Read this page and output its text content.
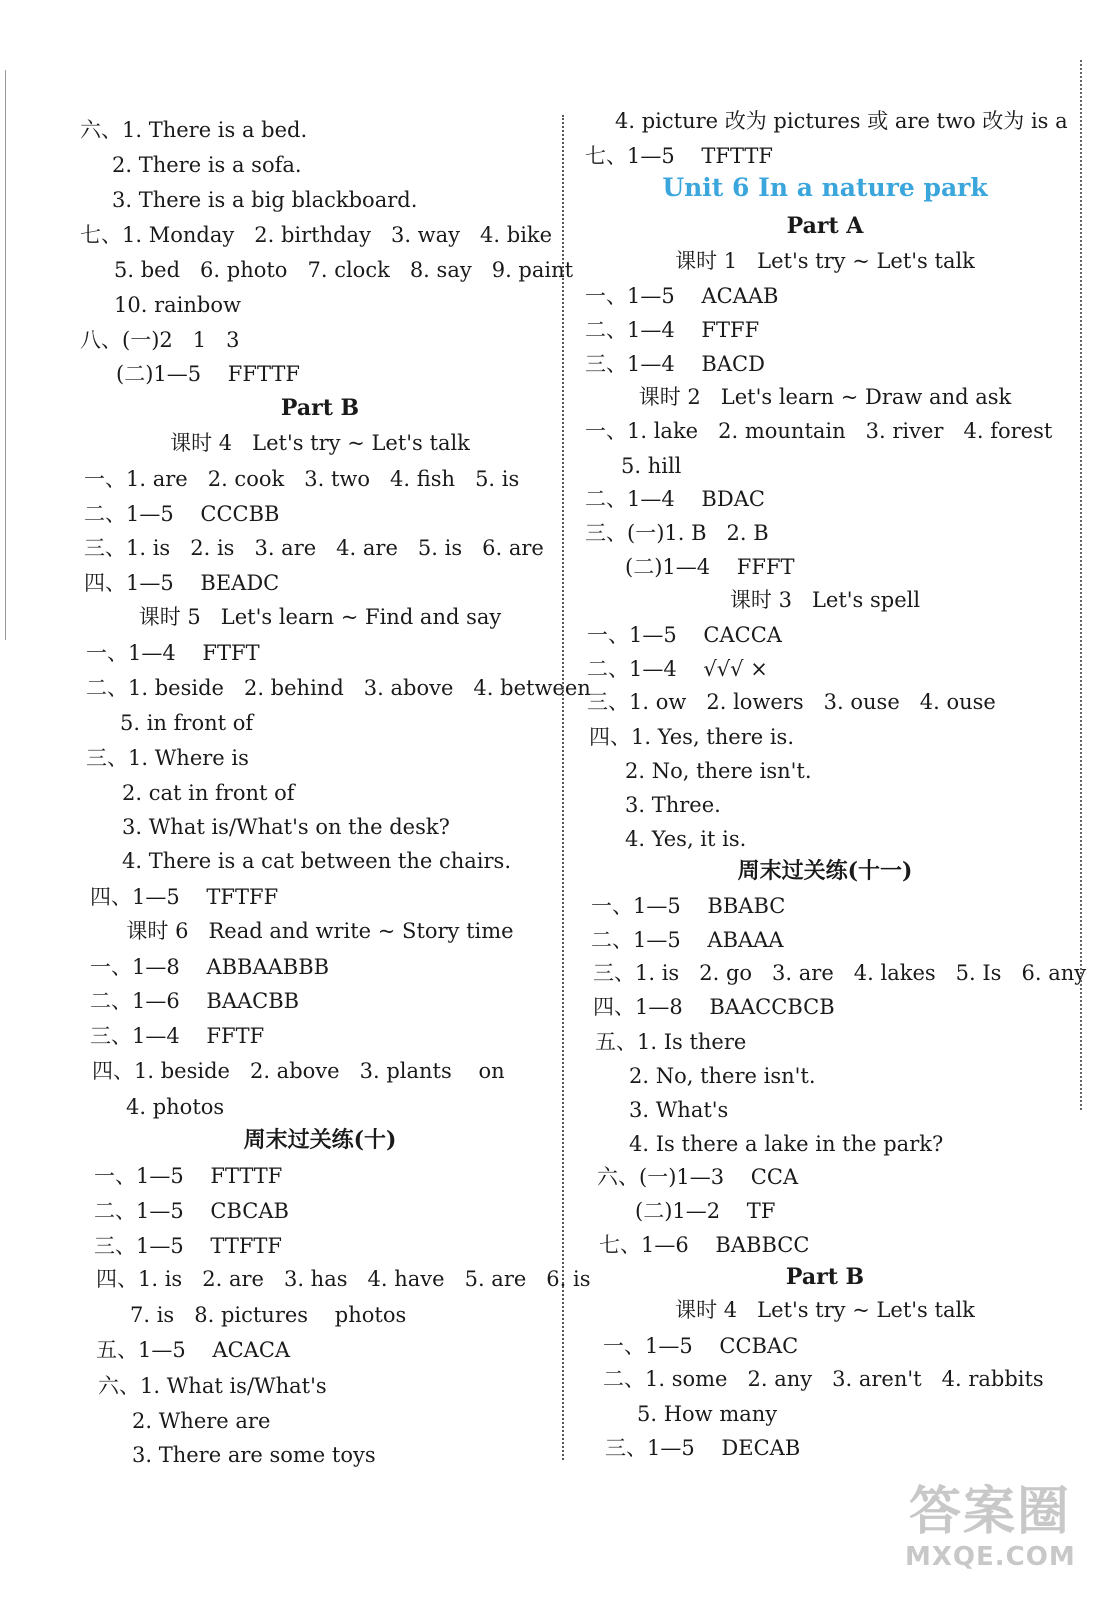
六、1. There is a bed.
2. There is a sofa.
3. There is a big blackboard.
七、1. Monday   2. birthday   3. way   4. bike
5. bed   6. photo   7. clock   8. say   9. paint
10. rainbow
八、(一)2   1   3
(二)1—5    FFTTF
Part B
课时 4   Let's try ~ Let's talk
一、1. are   2. cook   3. two   4. fish   5. is
二、1—5    CCCBB
三、1. is   2. is   3. are   4. are   5. is   6. are
四、1—5    BEADC
课时 5   Let's learn ~ Find and say
一、1—4    FTFT
二、1. beside   2. behind   3. above   4. between
5. in front of
三、1. Where is
2. cat in front of
3. What is/What's on the desk?
4. There is a cat between the chairs.
四、1—5    TFTFF
课时 6   Read and write ~ Story time
一、1—8    ABBAABBB
二、1—6    BAACBB
三、1—4    FFTF
四、1. beside   2. above   3. plants    on
4. photos
周末过关练(十)
一、1—5    FTTTF
二、1—5    CBCAB
三、1—5    TTFTF
四、1. is   2. are   3. has   4. have   5. are   6. is
7. is   8. pictures    photos
五、1—5    ACACA
六、1. What is/What's
2. Where are
3. There are some toys
4. picture 改为 pictures 或 are two 改为 is a
七、1—5    TFTTF
Unit 6 In a nature park
Part A
课时 1   Let's try ~ Let's talk
一、1—5    ACAAB
二、1—4    FTFF
三、1—4    BACD
课时 2   Let's learn ~ Draw and ask
一、1. lake   2. mountain   3. river   4. forest
5. hill
二、1—4    BDAC
三、(一)1. B   2. B
(二)1—4    FFFT
课时 3   Let's spell
一、1—5    CACCA
二、1—4    √√√ ×
三、1. ow   2. lowers   3. ouse   4. ouse
四、1. Yes, there is.
2. No, there isn't.
3. Three.
4. Yes, it is.
周末过关练(十一)
一、1—5    BBABC
二、1—5    ABAAA
三、1. is   2. go   3. are   4. lakes   5. Is   6. any
四、1—8    BAACCBCB
五、1. Is there
2. No, there isn't.
3. What's
4. Is there a lake in the park?
六、(一)1—3    CCA
(二)1—2    TF
七、1—6    BABBCC
Part B
课时 4   Let's try ~ Let's talk
一、1—5    CCBAC
二、1. some   2. any   3. aren't   4. rabbits
5. How many
三、1—5    DECAB
答案圈
MXQE.COM
